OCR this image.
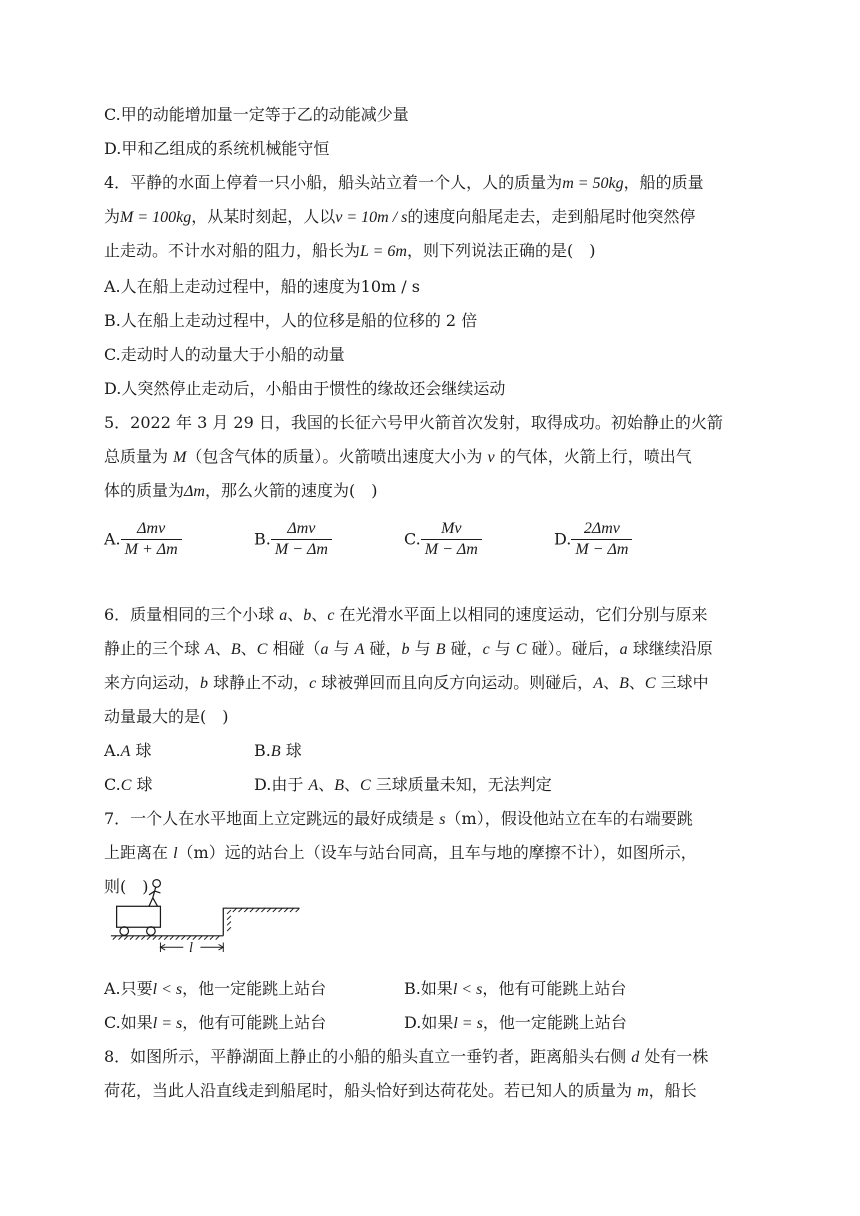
C.甲的动能增加量一定等于乙的动能减少量
D.甲和乙组成的系统机械能守恒
4．平静的水面上停着一只小船，船头站立着一个人，人的质量为m = 50kg，船的质量
为M = 100kg，从某时刻起，人以v = 10m / s的速度向船尾走去，走到船尾时他突然停
止走动。不计水对船的阻力，船长为L = 6m，则下列说法正确的是(　)
A.人在船上走动过程中，船的速度为10m / s
B.人在船上走动过程中，人的位移是船的位移的 2 倍
C.走动时人的动量大于小船的动量
D.人突然停止走动后，小船由于惯性的缘故还会继续运动
5．2022 年 3 月 29 日，我国的长征六号甲火箭首次发射，取得成功。初始静止的火箭
总质量为 M（包含气体的质量）。火箭喷出速度大小为 v 的气体，火箭上行，喷出气
体的质量为Δm，那么火箭的速度为(　)
A. $\frac{\text{Δmv}}{M + \Delta m}$	B. $\frac{\text{Δmv}}{M - \Delta m}$	C. $\frac{Mv}{M - \Delta m}$	D. $\frac{\text{2Δmv}}{M - \Delta m}$
6．质量相同的三个小球 a、b、c 在光滑水平面上以相同的速度运动，它们分别与原来
静止的三个球 A、B、C 相碰（a 与 A 碰，b 与 B 碰，c 与 C 碰）。碰后，a 球继续沿原
来方向运动，b 球静止不动，c 球被弹回而且向反方向运动。则碰后，A、B、C 三球中
动量最大的是(　)
A.A 球	B.B 球
C.C 球	D.由于 A、B、C 三球质量未知，无法判定
7．一个人在水平地面上立定跳远的最好成绩是 s（m），假设他站立在车的右端要跳
上距离在 l（m）远的站台上（设车与站台同高，且车与地的摩擦不计），如图所示，
则(　)
l
A.只要l < s，他一定能跳上站台	B.如果l < s，他有可能跳上站台
C.如果l = s，他有可能跳上站台	D.如果l = s，他一定能跳上站台
8．如图所示，平静湖面上静止的小船的船头直立一垂钓者，距离船头右侧 d 处有一株
荷花，当此人沿直线走到船尾时，船头恰好到达荷花处。若已知人的质量为 m，船长
